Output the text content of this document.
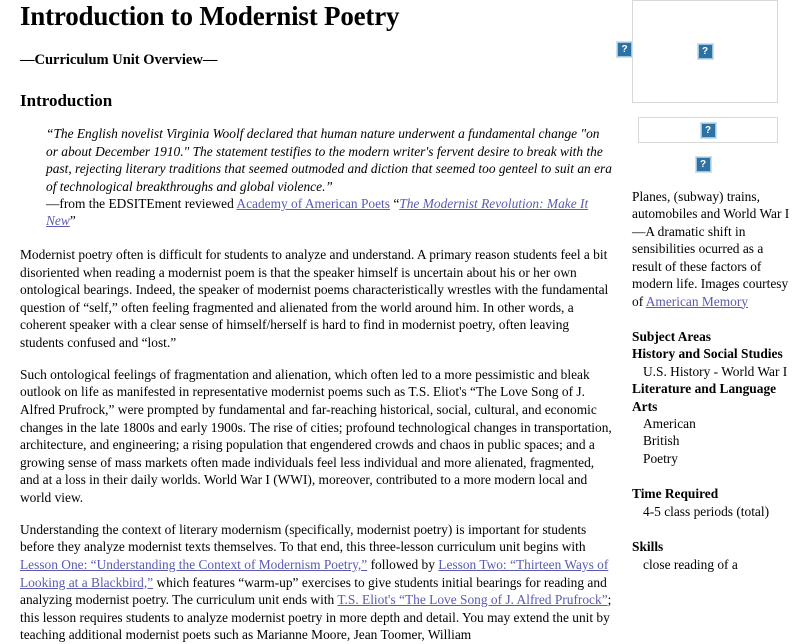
Introduction to Modernist Poetry
—Curriculum Unit Overview—
Introduction
“The English novelist Virginia Woolf declared that human nature underwent a fundamental change "on or about December 1910." The statement testifies to the modern writer's fervent desire to break with the past, rejecting literary traditions that seemed outmoded and diction that seemed too genteel to suit an era of technological breakthroughs and global violence.”
—from the EDSITEment reviewed Academy of American Poets “The Modernist Revolution: Make It New”

Modernist poetry often is difficult for students to analyze and understand. A primary reason students feel a bit disoriented when reading a modernist poem is that the speaker himself is uncertain about his or her own ontological bearings. Indeed, the speaker of modernist poems characteristically wrestles with the fundamental question of “self,” often feeling fragmented and alienated from the world around him. In other words, a coherent speaker with a clear sense of himself/herself is hard to find in modernist poetry, often leaving students confused and “lost.”

Such ontological feelings of fragmentation and alienation, which often led to a more pessimistic and bleak outlook on life as manifested in representative modernist poems such as T.S. Eliot's “The Love Song of J. Alfred Prufrock,” were prompted by fundamental and far-reaching historical, social, cultural, and economic changes in the late 1800s and early 1900s. The rise of cities; profound technological changes in transportation, architecture, and engineering; a rising population that engendered crowds and chaos in public spaces; and a growing sense of mass markets often made individuals feel less individual and more alienated, fragmented, and at a loss in their daily worlds. World War I (WWI), moreover, contributed to a more modern local and world view.

Understanding the context of literary modernism (specifically, modernist poetry) is important for students before they analyze modernist texts themselves. To that end, this three-lesson curriculum unit begins with Lesson One: “Understanding the Context of Modernism Poetry,” followed by Lesson Two: “Thirteen Ways of Looking at a Blackbird,” which features “warm-up” exercises to give students initial bearings for reading and analyzing modernist poetry. The curriculum unit ends with T.S. Eliot's “The Love Song of J. Alfred Prufrock”; this lesson requires students to analyze modernist poetry in more depth and detail. You may extend the unit by teaching additional modernist poets such as Marianne Moore, Jean Toomer, William

?
?
?
Planes, (subway) trains, automobiles and World War I—A dramatic shift in sensibilities ocurred as a result of these factors of modern life. Images courtesy of American Memory
Subject Areas
History and Social Studies
U.S. History - World War I
Literature and Language Arts
American
British
Poetry
Time Required
4-5 class periods (total)
Skills
close reading of a
?
